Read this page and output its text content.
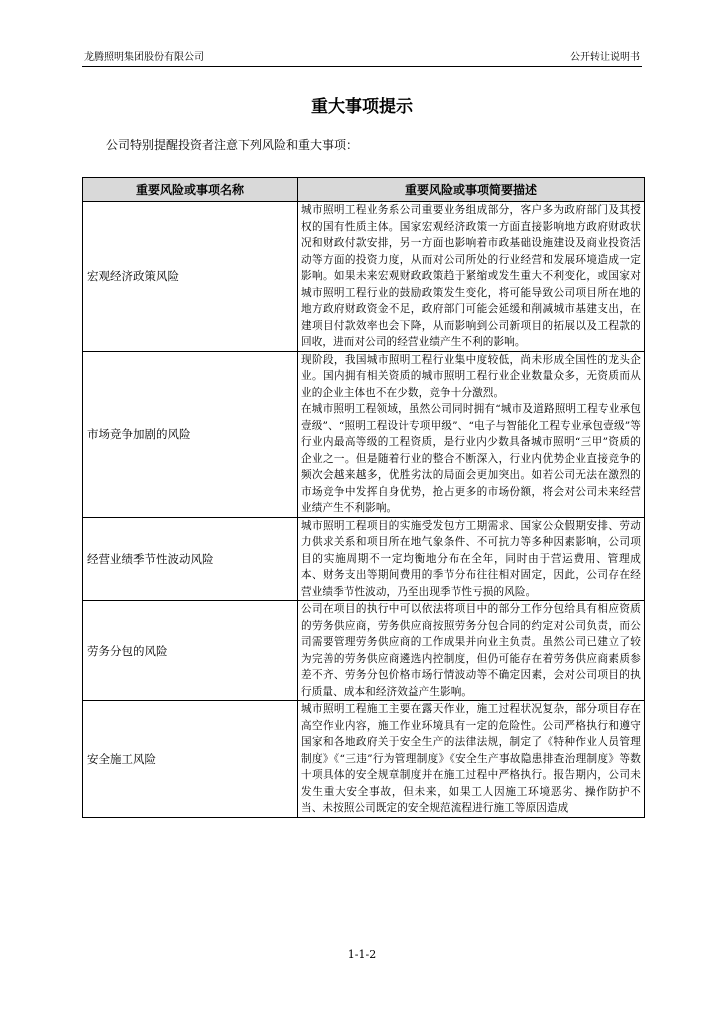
龙腾照明集团股份有限公司	公开转让说明书
重大事项提示
公司特别提醒投资者注意下列风险和重大事项：
重要风险或事项名称	重要风险或事项简要描述
宏观经济政策风险	城市照明工程业务系公司重要业务组成部分，客户多为政府部门及其授权的国有性质主体。国家宏观经济政策一方面直接影响地方政府财政状况和财政付款安排，另一方面也影响着市政基础设施建设及商业投资活动等方面的投资力度，从而对公司所处的行业经营和发展环境造成一定影响。如果未来宏观财政政策趋于紧缩或发生重大不利变化，或国家对城市照明工程行业的鼓励政策发生变化，将可能导致公司项目所在地的地方政府财政资金不足，政府部门可能会延缓和削减城市基建支出，在建项目付款效率也会下降，从而影响到公司新项目的拓展以及工程款的回收，进而对公司的经营业绩产生不利的影响。

市场竞争加剧的风险	现阶段，我国城市照明工程行业集中度较低，尚未形成全国性的龙头企业。国内拥有相关资质的城市照明工程行业企业数量众多，无资质而从业的企业主体也不在少数，竞争十分激烈。

在城市照明工程领域，虽然公司同时拥有“城市及道路照明工程专业承包壹级”、“照明工程设计专项甲级”、“电子与智能化工程专业承包壹级”等行业内最高等级的工程资质，是行业内少数具备城市照明“三甲”资质的企业之一。但是随着行业的整合不断深入，行业内优势企业直接竞争的频次会越来越多，优胜劣汰的局面会更加突出。如若公司无法在激烈的市场竞争中发挥自身优势，抢占更多的市场份额，将会对公司未来经营业绩产生不利影响。

经营业绩季节性波动风险	城市照明工程项目的实施受发包方工期需求、国家公众假期安排、劳动力供求关系和项目所在地气象条件、不可抗力等多种因素影响，公司项目的实施周期不一定均衡地分布在全年，同时由于营运费用、管理成本、财务支出等期间费用的季节分布往往相对固定，因此，公司存在经营业绩季节性波动，乃至出现季节性亏损的风险。

劳务分包的风险	公司在项目的执行中可以依法将项目中的部分工作分包给具有相应资质的劳务供应商，劳务供应商按照劳务分包合同的约定对公司负责，而公司需要管理劳务供应商的工作成果并向业主负责。虽然公司已建立了较为完善的劳务供应商遴选内控制度，但仍可能存在着劳务供应商素质参差不齐、劳务分包价格市场行情波动等不确定因素，会对公司项目的执行质量、成本和经济效益产生影响。

安全施工风险	城市照明工程施工主要在露天作业，施工过程状况复杂，部分项目存在高空作业内容，施工作业环境具有一定的危险性。公司严格执行和遵守国家和各地政府关于安全生产的法律法规，制定了《特种作业人员管理制度》《“三违”行为管理制度》《安全生产事故隐患排查治理制度》等数十项具体的安全规章制度并在施工过程中严格执行。报告期内，公司未发生重大安全事故，但未来，如果工人因施工环境恶劣、操作防护不当、未按照公司既定的安全规范流程进行施工等原因造成

1-1-2
